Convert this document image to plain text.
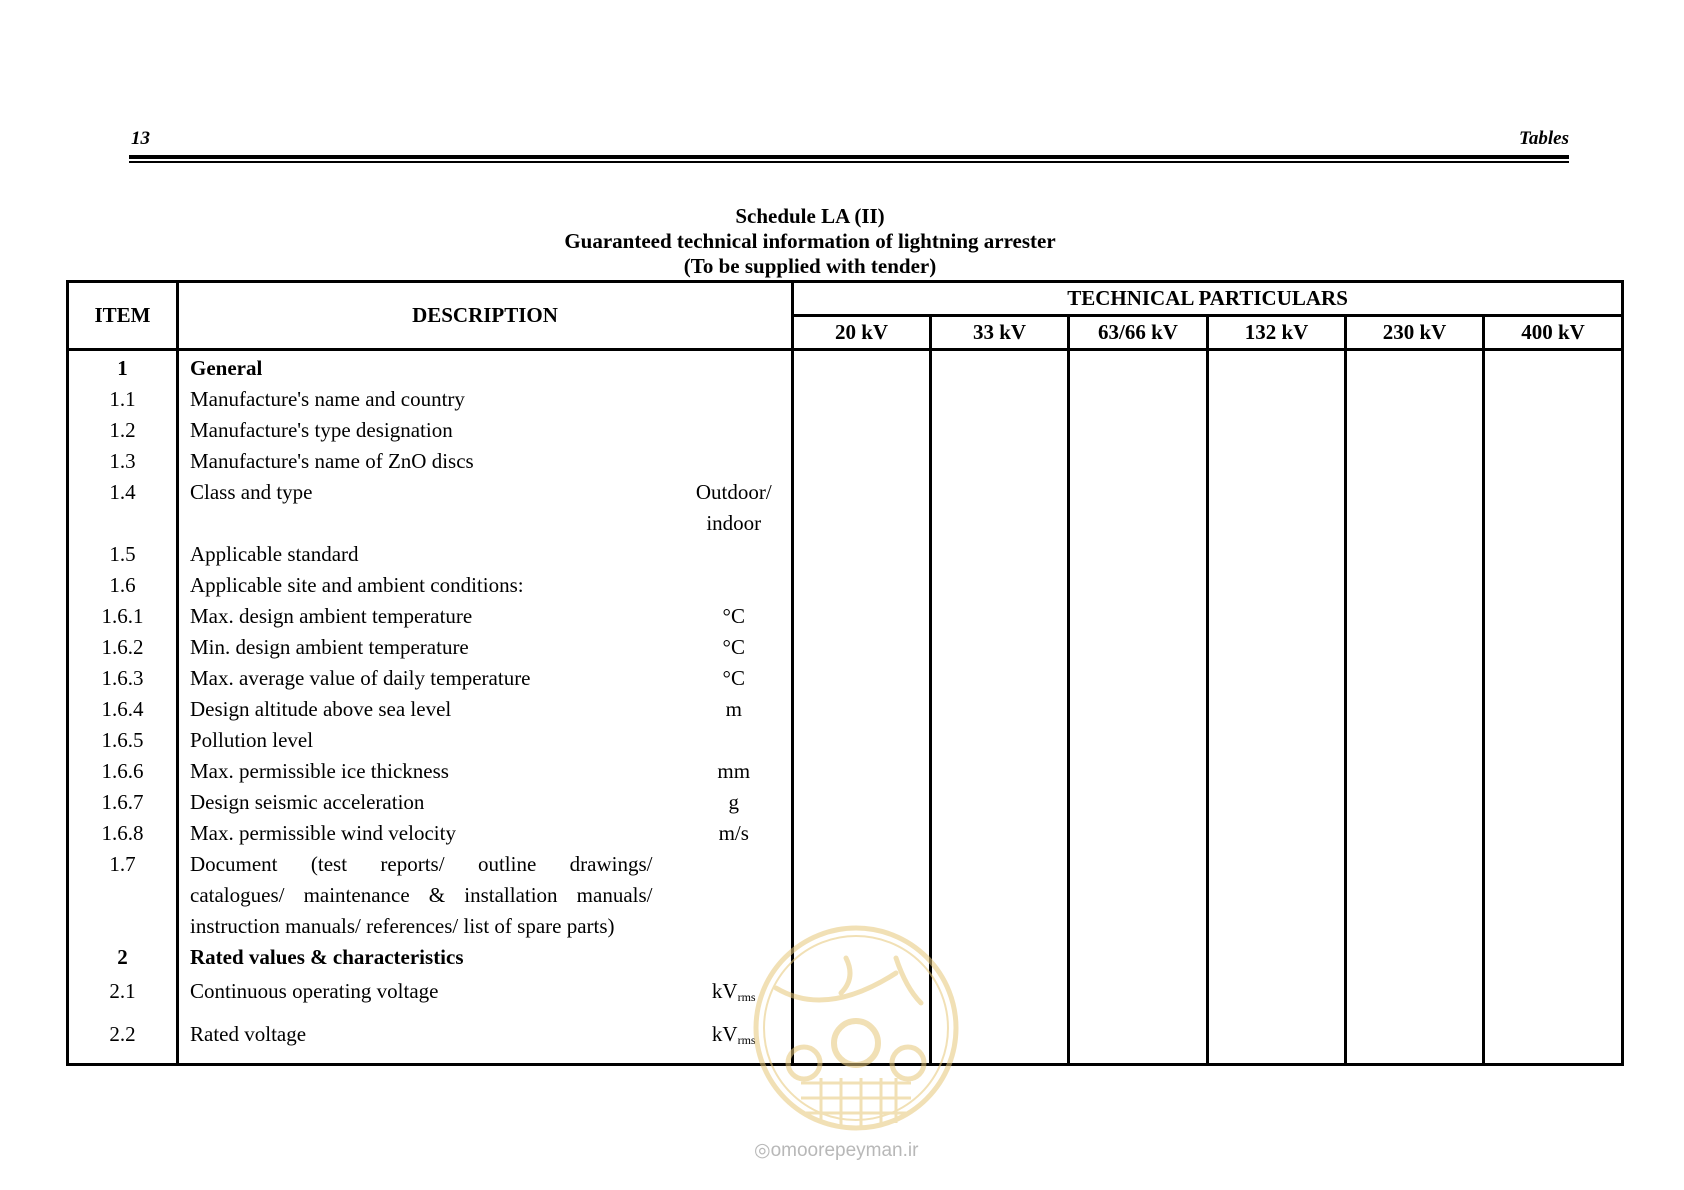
13	Tables
Schedule LA (II)
Guaranteed technical information of lightning arrester
(To be supplied with tender)
ITEM	DESCRIPTION		TECHNICAL PARTICULARS					
			20 kV	33 kV	63/66 kV	132 kV	230 kV	400 kV
1	General							
1.1	Manufacture's name and country							
1.2	Manufacture's type designation							
1.3	Manufacture's name of ZnO discs							
1.4	Class and type	Outdoor/
indoor						

1.5	Applicable standard							
1.6	Applicable site and ambient conditions:							
1.6.1	Max. design ambient temperature	°C						
1.6.2	Min. design ambient temperature	°C						
1.6.3	Max. average value of daily temperature	°C						
1.6.4	Design altitude above sea level	m						
1.6.5	Pollution level							
1.6.6	Max. permissible ice thickness	mm						
1.6.7	Design seismic acceleration	g						
1.6.8	Max. permissible wind velocity	m/s						
1.7	Document (test reports/ outline drawings/
catalogues/ maintenance & installation manuals/
instruction manuals/ references/ list of spare parts)							

2	Rated values & characteristics							
2.1	Continuous operating voltage	$kV_{rms}$						
2.2	Rated voltage	$kV_{rms}$						
◎omoorepeyman.ir
